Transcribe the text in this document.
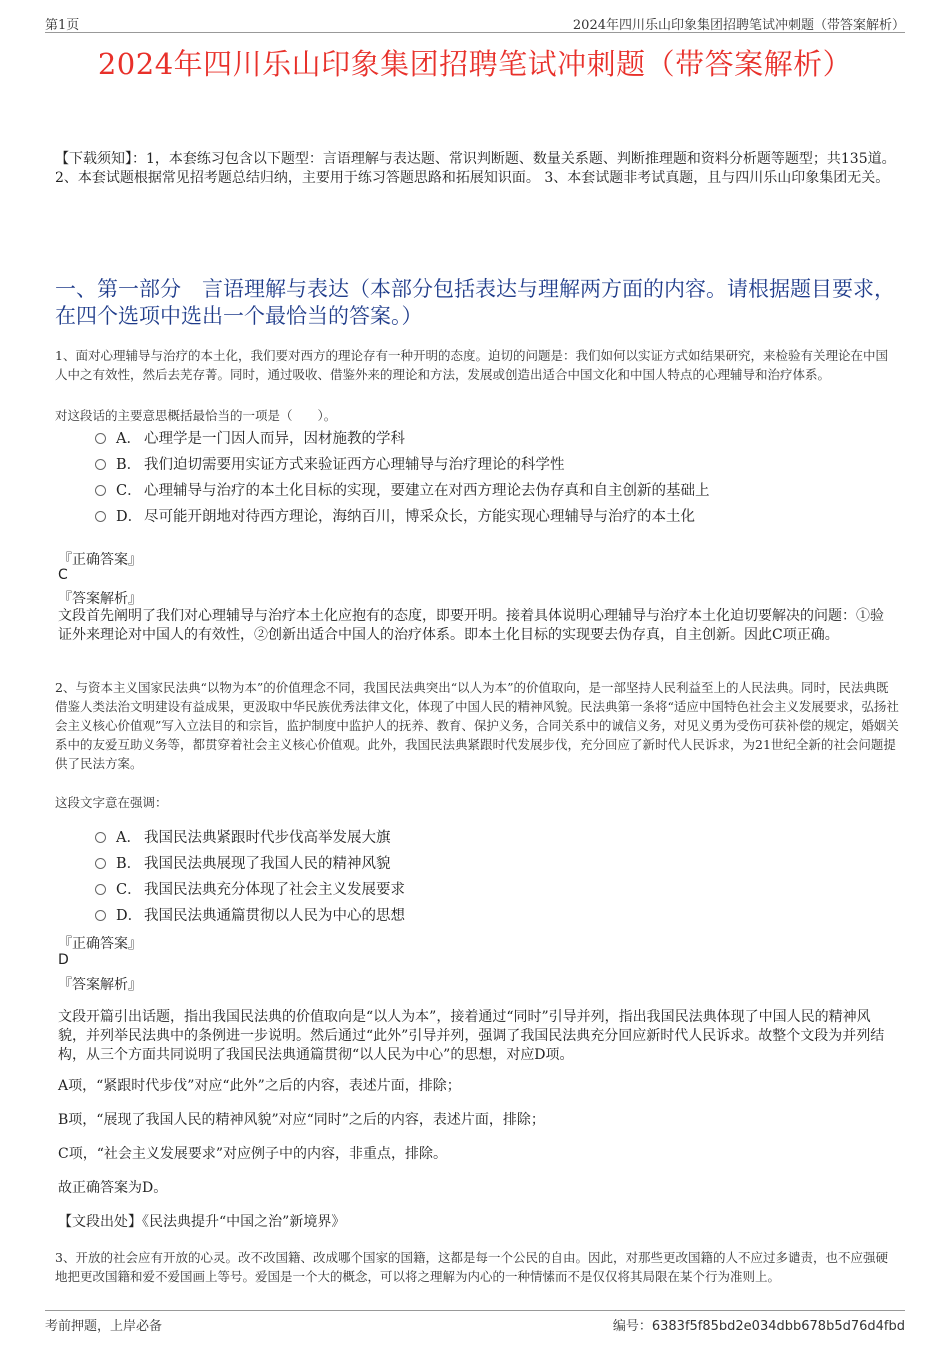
第1页	2024年四川乐山印象集团招聘笔试冲刺题（带答案解析）
2024年四川乐山印象集团招聘笔试冲刺题（带答案解析）
【下载须知】：1，本套练习包含以下题型：言语理解与表达题、常识判断题、数量关系题、判断推理题和资料分析题等题型；共135道。 2、本套试题根据常见招考题总结归纳，主要用于练习答题思路和拓展知识面。 3、本套试题非考试真题，且与四川乐山印象集团无关。
一、第一部分　言语理解与表达（本部分包括表达与理解两方面的内容。请根据题目要求，在四个选项中选出一个最恰当的答案。）
1、面对心理辅导与治疗的本土化，我们要对西方的理论存有一种开明的态度。迫切的问题是：我们如何以实证方式如结果研究，来检验有关理论在中国人中之有效性，然后去芜存菁。同时，通过吸收、借鉴外来的理论和方法，发展或创造出适合中国文化和中国人特点的心理辅导和治疗体系。
对这段话的主要意思概括最恰当的一项是（　　）。
A． 心理学是一门因人而异，因材施教的学科
B． 我们迫切需要用实证方式来验证西方心理辅导与治疗理论的科学性
C． 心理辅导与治疗的本土化目标的实现，要建立在对西方理论去伪存真和自主创新的基础上
D． 尽可能开朗地对待西方理论，海纳百川，博采众长，方能实现心理辅导与治疗的本土化
『正确答案』
C
『答案解析』
文段首先阐明了我们对心理辅导与治疗本土化应抱有的态度，即要开明。接着具体说明心理辅导与治疗本土化迫切要解决的问题：①验证外来理论对中国人的有效性，②创新出适合中国人的治疗体系。即本土化目标的实现要去伪存真，自主创新。因此C项正确。
2、与资本主义国家民法典“以物为本”的价值理念不同，我国民法典突出“以人为本”的价值取向，是一部坚持人民利益至上的人民法典。同时，民法典既借鉴人类法治文明建设有益成果，更汲取中华民族优秀法律文化，体现了中国人民的精神风貌。民法典第一条将“适应中国特色社会主义发展要求，弘扬社会主义核心价值观”写入立法目的和宗旨，监护制度中监护人的抚养、教育、保护义务，合同关系中的诚信义务，对见义勇为受伤可获补偿的规定，婚姻关系中的友爱互助义务等，都贯穿着社会主义核心价值观。此外，我国民法典紧跟时代发展步伐，充分回应了新时代人民诉求，为21世纪全新的社会问题提供了民法方案。
这段文字意在强调：
A． 我国民法典紧跟时代步伐高举发展大旗
B． 我国民法典展现了我国人民的精神风貌
C． 我国民法典充分体现了社会主义发展要求
D． 我国民法典通篇贯彻以人民为中心的思想
『正确答案』
D
『答案解析』
文段开篇引出话题，指出我国民法典的价值取向是“以人为本”，接着通过“同时”引导并列，指出我国民法典体现了中国人民的精神风貌，并列举民法典中的条例进一步说明。然后通过“此外”引导并列，强调了我国民法典充分回应新时代人民诉求。故整个文段为并列结构，从三个方面共同说明了我国民法典通篇贯彻“以人民为中心”的思想，对应D项。
A项，“紧跟时代步伐”对应“此外”之后的内容，表述片面，排除；
B项，“展现了我国人民的精神风貌”对应“同时”之后的内容，表述片面，排除；
C项，“社会主义发展要求”对应例子中的内容，非重点，排除。
故正确答案为D。
【文段出处】《民法典提升“中国之治”新境界》
3、开放的社会应有开放的心灵。改不改国籍、改成哪个国家的国籍，这都是每一个公民的自由。因此，对那些更改国籍的人不应过多谴责，也不应强硬地把更改国籍和爱不爱国画上等号。爱国是一个大的概念，可以将之理解为内心的一种情愫而不是仅仅将其局限在某个行为准则上。
考前押题，上岸必备	编号：6383f5f85bd2e034dbb678b5d76d4fbd
